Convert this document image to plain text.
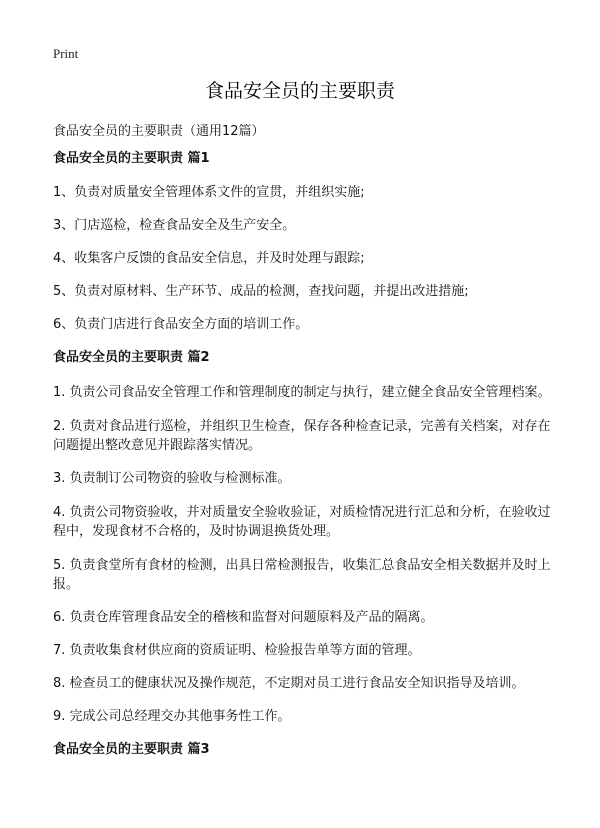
Print
食品安全员的主要职责
食品安全员的主要职责（通用12篇）

食品安全员的主要职责 篇1

1、负责对质量安全管理体系文件的宣贯，并组织实施;

3、门店巡检，检查食品安全及生产安全。

4、收集客户反馈的食品安全信息，并及时处理与跟踪;

5、负责对原材料、生产环节、成品的检测，查找问题，并提出改进措施;

6、负责门店进行食品安全方面的培训工作。

食品安全员的主要职责 篇2

1. 负责公司食品安全管理工作和管理制度的制定与执行，建立健全食品安全管理档案。

2. 负责对食品进行巡检，并组织卫生检查，保存各种检查记录，完善有关档案，对存在问题提出整改意见并跟踪落实情况。

3. 负责制订公司物资的验收与检测标准。

4. 负责公司物资验收，并对质量安全验收验证，对质检情况进行汇总和分析，在验收过程中，发现食材不合格的，及时协调退换货处理。

5. 负责食堂所有食材的检测，出具日常检测报告，收集汇总食品安全相关数据并及时上报。

6. 负责仓库管理食品安全的稽核和监督对问题原料及产品的隔离。

7. 负责收集食材供应商的资质证明、检验报告单等方面的管理。

8. 检查员工的健康状况及操作规范，不定期对员工进行食品安全知识指导及培训。

9. 完成公司总经理交办其他事务性工作。

食品安全员的主要职责 篇3
